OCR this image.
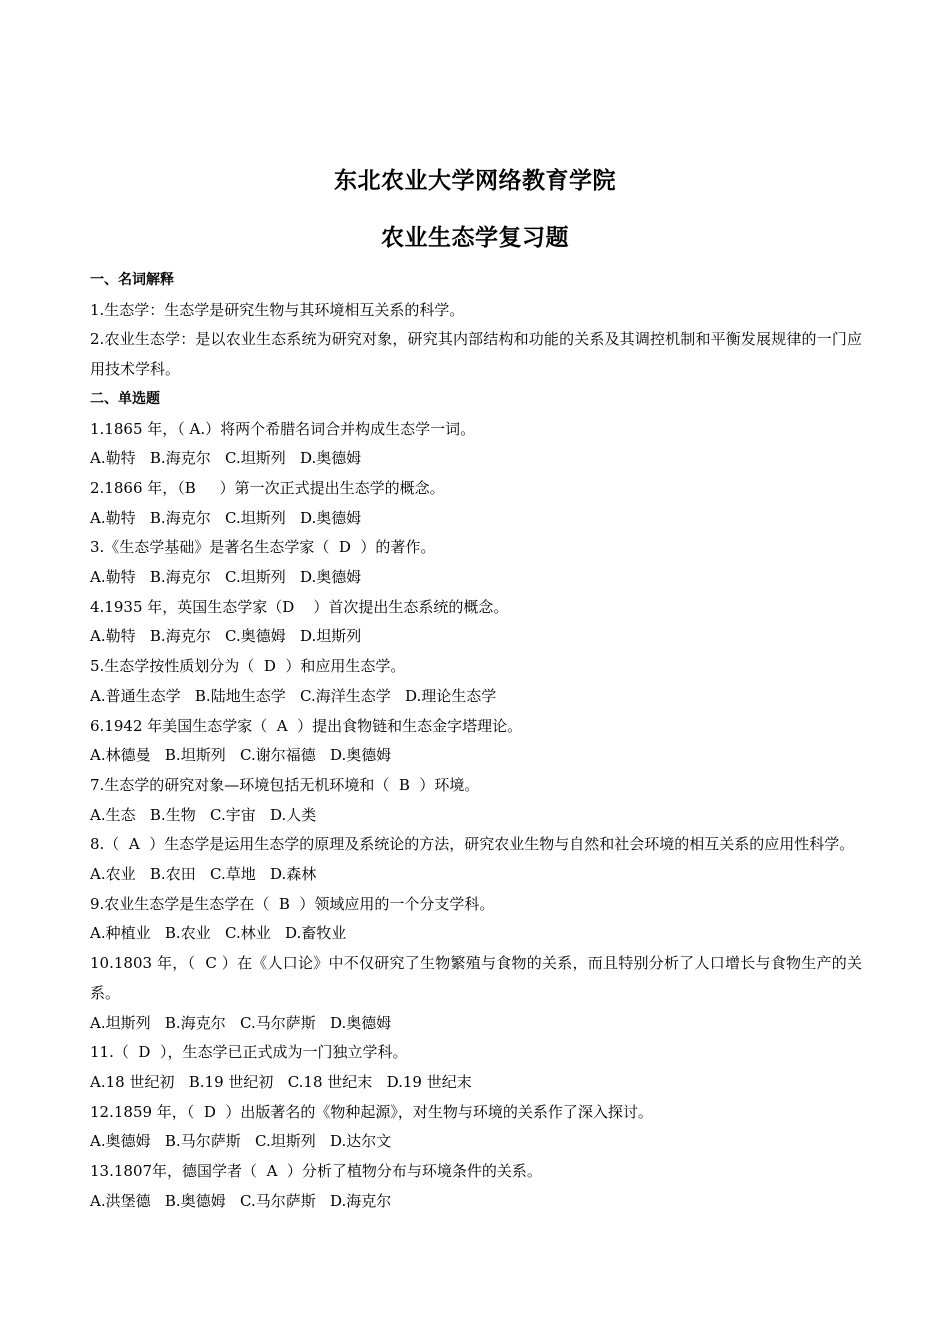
东北农业大学网络教育学院
农业生态学复习题
一、名词解释
1.生态学：生态学是研究生物与其环境相互关系的科学。
2.农业生态学：是以农业生态系统为研究对象，研究其内部结构和功能的关系及其调控机制和平衡发展规律的一门应用技术学科。
二、单选题
1.1865 年，（ A.）将两个希腊名词合并构成生态学一词。
A.勒特   B.海克尔   C.坦斯列   D.奥德姆
2.1866 年，（B     ）第一次正式提出生态学的概念。
A.勒特   B.海克尔   C.坦斯列   D.奥德姆
3.《生态学基础》是著名生态学家（  D  ）的著作。
A.勒特   B.海克尔   C.坦斯列   D.奥德姆
4.1935 年，英国生态学家（D    ）首次提出生态系统的概念。
A.勒特   B.海克尔   C.奥德姆   D.坦斯列
5.生态学按性质划分为（  D  ）和应用生态学。
A.普通生态学   B.陆地生态学   C.海洋生态学   D.理论生态学
6.1942 年美国生态学家（  A  ）提出食物链和生态金字塔理论。
A.林德曼   B.坦斯列   C.谢尔福德   D.奥德姆
7.生态学的研究对象—环境包括无机环境和（  B  ）环境。
A.生态   B.生物   C.宇宙   D.人类
8.（  A  ）生态学是运用生态学的原理及系统论的方法，研究农业生物与自然和社会环境的相互关系的应用性科学。
A.农业   B.农田   C.草地   D.森林
9.农业生态学是生态学在（  B  ）领域应用的一个分支学科。
A.种植业   B.农业   C.林业   D.畜牧业
10.1803 年，（  C ）在《人口论》中不仅研究了生物繁殖与食物的关系，而且特别分析了人口增长与食物生产的关系。
A.坦斯列   B.海克尔   C.马尔萨斯   D.奥德姆
11.（  D  ），生态学已正式成为一门独立学科。
A.18 世纪初   B.19 世纪初   C.18 世纪末   D.19 世纪末
12.1859 年，（  D  ）出版著名的《物种起源》，对生物与环境的关系作了深入探讨。
A.奥德姆   B.马尔萨斯   C.坦斯列   D.达尔文
13.1807年，德国学者（  A  ）分析了植物分布与环境条件的关系。
A.洪堡德   B.奥德姆   C.马尔萨斯   D.海克尔
